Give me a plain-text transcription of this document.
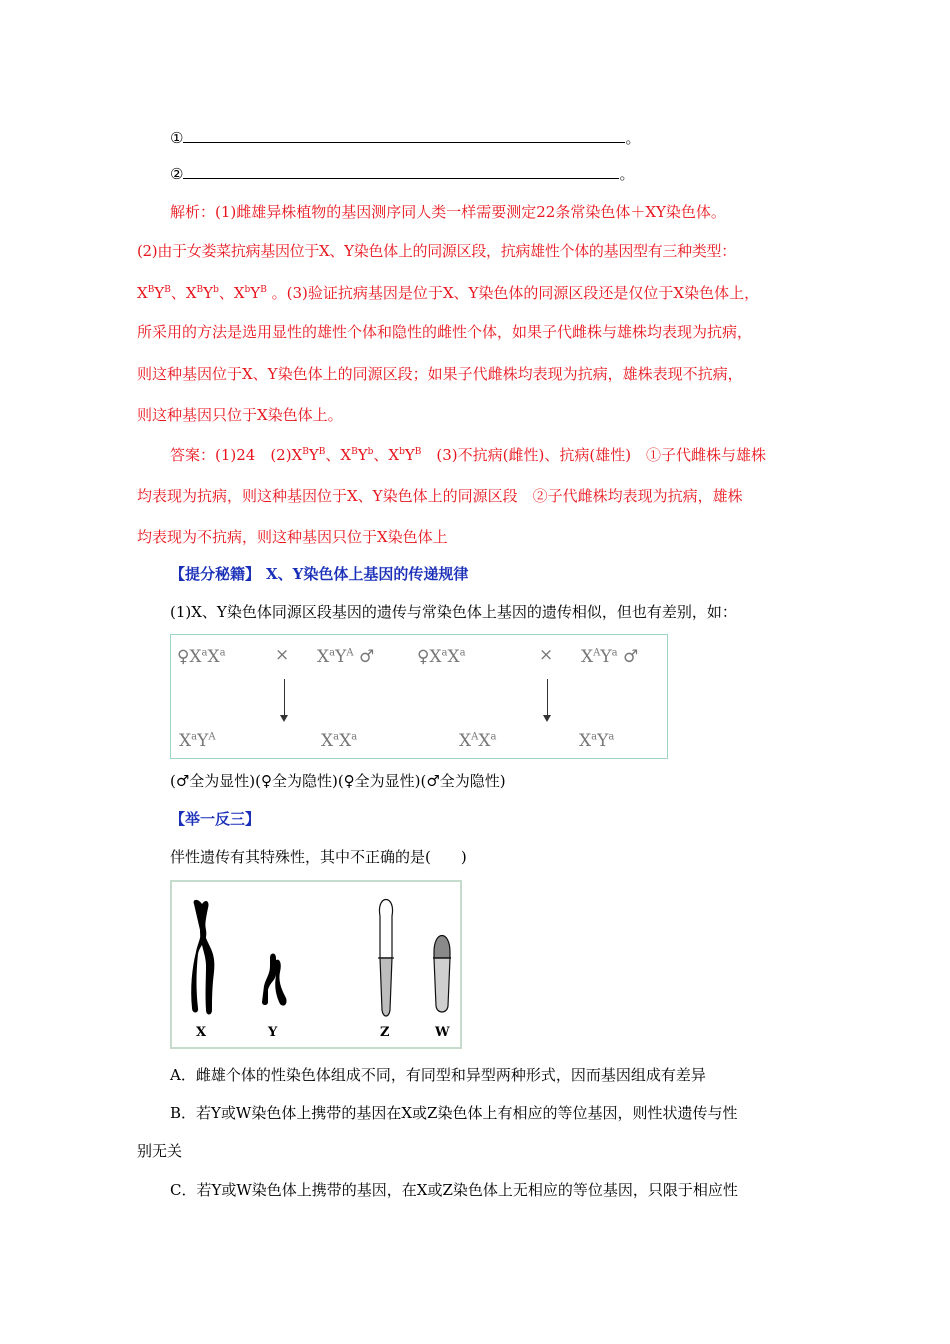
①	。
②	。
解析：(1)雌雄异株植物的基因测序同人类一样需要测定22条常染色体＋XY染色体。
(2)由于女娄菜抗病基因位于X、Y染色体上的同源区段，抗病雄性个体的基因型有三种类型：
$X^BY^B$、$X^BY^b$、$X^bY^B$ 。(3)验证抗病基因是位于X、Y染色体的同源区段还是仅位于X染色体上，
所采用的方法是选用显性的雄性个体和隐性的雌性个体，如果子代雌株与雄株均表现为抗病，
则这种基因位于X、Y染色体上的同源区段；如果子代雌株均表现为抗病，雄株表现不抗病，
则这种基因只位于X染色体上。
答案：(1)24　$(2)X^BY^B$、$X^BY^b$、$X^bY^B$　(3)不抗病(雌性)、抗病(雄性)　①子代雌株与雄株
均表现为抗病，则这种基因位于X、Y染色体上的同源区段　②子代雌株均表现为抗病，雄株
均表现为不抗病，则这种基因只位于X染色体上
【提分秘籍】 X、Y染色体上基因的传递规律
(1)X、Y染色体同源区段基因的遗传与常染色体上基因的遗传相似，但也有差别，如：
$♀X^aX^a$	× $X^aY^A$ ♂	$♀X^aX^a$	× $X^AY^a$ ♂
$X^aY^A$	$X^aX^a$	$X^AX^a$	$X^aY^a$
(♂全为显性)(♀全为隐性)(♀全为显性)(♂全为隐性)
【举一反三】
伴性遗传有其特殊性，其中不正确的是(　　)
X	Y	Z	W
A．雌雄个体的性染色体组成不同，有同型和异型两种形式，因而基因组成有差异
B．若Y或W染色体上携带的基因在X或Z染色体上有相应的等位基因，则性状遗传与性
别无关
C．若Y或W染色体上携带的基因，在X或Z染色体上无相应的等位基因，只限于相应性
